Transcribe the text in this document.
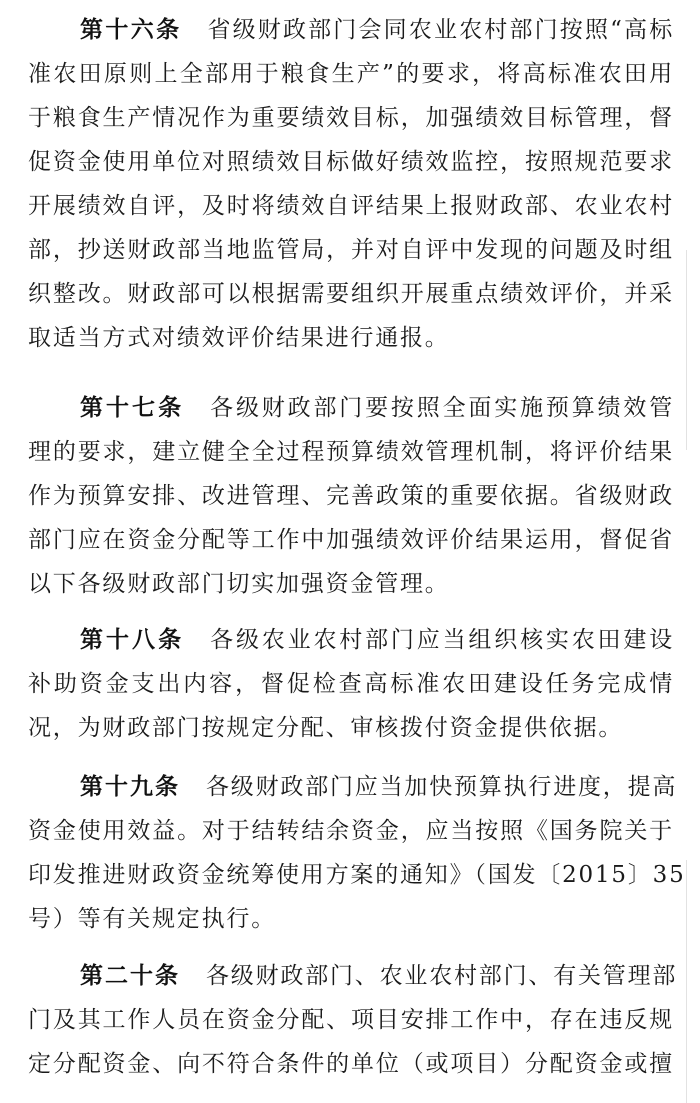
第十六条 省级财政部门会同农业农村部门按照“高标
准农田原则上全部用于粮食生产”的要求，将高标准农田用
于粮食生产情况作为重要绩效目标，加强绩效目标管理，督
促资金使用单位对照绩效目标做好绩效监控，按照规范要求
开展绩效自评，及时将绩效自评结果上报财政部、农业农村
部，抄送财政部当地监管局，并对自评中发现的问题及时组
织整改。财政部可以根据需要组织开展重点绩效评价，并采
取适当方式对绩效评价结果进行通报。
第十七条 各级财政部门要按照全面实施预算绩效管
理的要求，建立健全全过程预算绩效管理机制，将评价结果
作为预算安排、改进管理、完善政策的重要依据。省级财政
部门应在资金分配等工作中加强绩效评价结果运用，督促省
以下各级财政部门切实加强资金管理。
第十八条 各级农业农村部门应当组织核实农田建设
补助资金支出内容，督促检查高标准农田建设任务完成情
况，为财政部门按规定分配、审核拨付资金提供依据。
第十九条 各级财政部门应当加快预算执行进度，提高
资金使用效益。对于结转结余资金，应当按照《国务院关于
印发推进财政资金统筹使用方案的通知》（国发〔2015〕35
号）等有关规定执行。
第二十条 各级财政部门、农业农村部门、有关管理部
门及其工作人员在资金分配、项目安排工作中，存在违反规
定分配资金、向不符合条件的单位（或项目）分配资金或擅
